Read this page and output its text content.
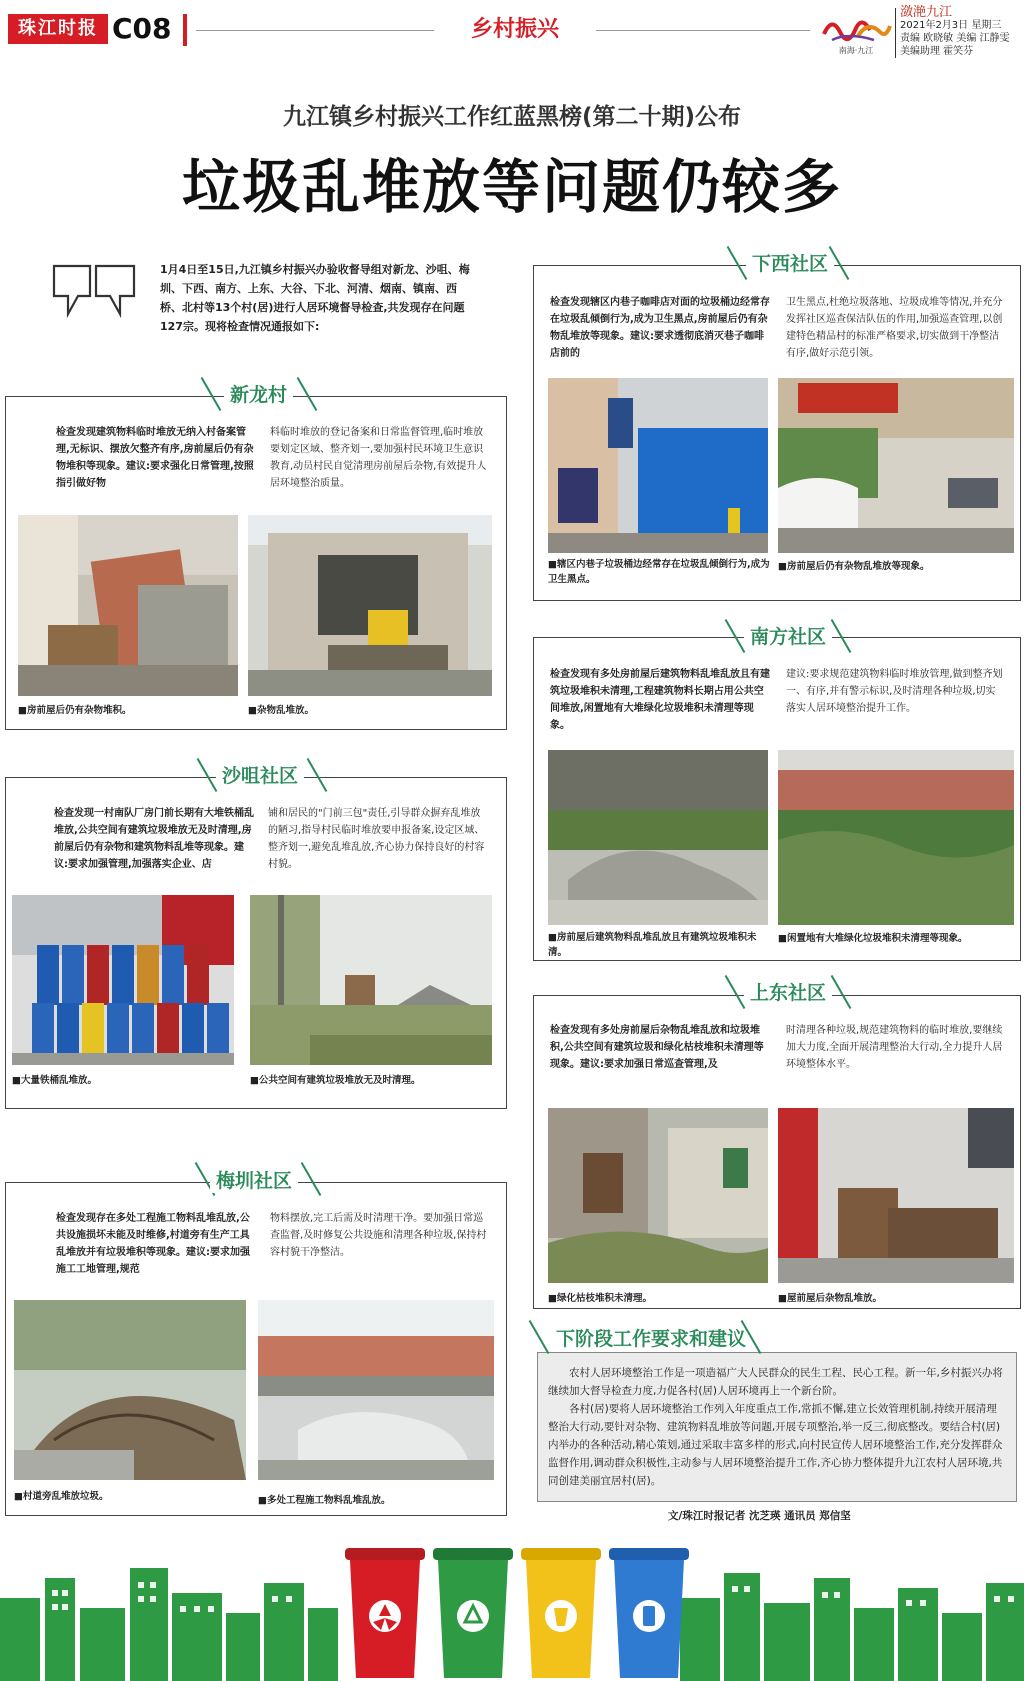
珠江时报 C08	乡村振兴
南海·九江
潋滟九江
2021年2月3日 星期三
责编 欧晓敏 美编 江静雯
美编助理 霍笑芬
九江镇乡村振兴工作红蓝黑榜(第二十期)公布
垃圾乱堆放等问题仍较多
1月4日至15日,九江镇乡村振兴办验收督导组对新龙、沙咀、梅圳、下西、南方、上东、大谷、下北、河清、烟南、镇南、西桥、北村等13个村(居)进行人居环境督导检查,共发现存在问题127宗。现将检查情况通报如下:
新龙村
检查发现建筑物料临时堆放无纳入村备案管理,无标识、摆放欠整齐有序,房前屋后仍有杂物堆积等现象。建议:要求强化日常管理,按照指引做好物
料临时堆放的登记备案和日常监督管理,临时堆放要划定区域、整齐划一,要加强村民环境卫生意识教育,动员村民自觉清理房前屋后杂物,有效提升人居环境整治质量。
■房前屋后仍有杂物堆积。	■杂物乱堆放。
沙咀社区
检查发现一村南队厂房门前长期有大堆铁桶乱堆放,公共空间有建筑垃圾堆放无及时清理,房前屋后仍有杂物和建筑物料乱堆等现象。建议:要求加强管理,加强落实企业、店
铺和居民的"门前三包"责任,引导群众摒弃乱堆放的陋习,指导村民临时堆放要申报备案,设定区域、整齐划一,避免乱堆乱放,齐心协力保持良好的村容村貌。
■大量铁桶乱堆放。	■公共空间有建筑垃圾堆放无及时清理。
梅圳社区
检查发现存在多处工程施工物料乱堆乱放,公共设施损坏未能及时维修,村道旁有生产工具乱堆放并有垃圾堆积等现象。建议:要求加强施工工地管理,规范
物料摆放,完工后需及时清理干净。要加强日常巡查监督,及时修复公共设施和清理各种垃圾,保持村容村貌干净整洁。
■村道旁乱堆放垃圾。	■多处工程施工物料乱堆乱放。
下西社区
检查发现辖区内巷子咖啡店对面的垃圾桶边经常存在垃圾乱倾倒行为,成为卫生黑点,房前屋后仍有杂物乱堆放等现象。建议:要求透彻底消灭巷子咖啡店前的
卫生黑点,杜绝垃圾落地、垃圾成堆等情况,并充分发挥社区巡查保洁队伍的作用,加强巡查管理,以创建特色精品村的标准严格要求,切实做到干净整洁有序,做好示范引领。
■辖区内巷子垃圾桶边经常存在垃圾乱倾倒行为,成为卫生黑点。
■房前屋后仍有杂物乱堆放等现象。
南方社区
检查发现有多处房前屋后建筑物料乱堆乱放且有建筑垃圾堆积未清理,工程建筑物料长期占用公共空间堆放,闲置地有大堆绿化垃圾堆积未清理等现象。
建议:要求规范建筑物料临时堆放管理,做到整齐划一、有序,并有警示标识,及时清理各种垃圾,切实落实人居环境整治提升工作。
■房前屋后建筑物料乱堆乱放且有建筑垃圾堆积未清。
■闲置地有大堆绿化垃圾堆积未清理等现象。
上东社区
检查发现有多处房前屋后杂物乱堆乱放和垃圾堆积,公共空间有建筑垃圾和绿化枯枝堆积未清理等现象。建议:要求加强日常巡查管理,及
时清理各种垃圾,规范建筑物料的临时堆放,要继续加大力度,全面开展清理整治大行动,全力提升人居环境整体水平。
■绿化枯枝堆积未清理。	■屋前屋后杂物乱堆放。
下阶段工作要求和建议
农村人居环境整治工作是一项造福广大人民群众的民生工程、民心工程。新一年,乡村振兴办将继续加大督导检查力度,力促各村(居)人居环境再上一个新台阶。
各村(居)要将人居环境整治工作列入年度重点工作,常抓不懈,建立长效管理机制,持续开展清理整治大行动,要针对杂物、建筑物料乱堆放等问题,开展专项整治,举一反三,彻底整改。要结合村(居)内举办的各种活动,精心策划,通过采取丰富多样的形式,向村民宣传人居环境整治工作,充分发挥群众监督作用,调动群众积极性,主动参与人居环境整治提升工作,齐心协力整体提升九江农村人居环境,共同创建美丽宜居村(居)。
文/珠江时报记者 沈芝瑛 通讯员 郑信坚
